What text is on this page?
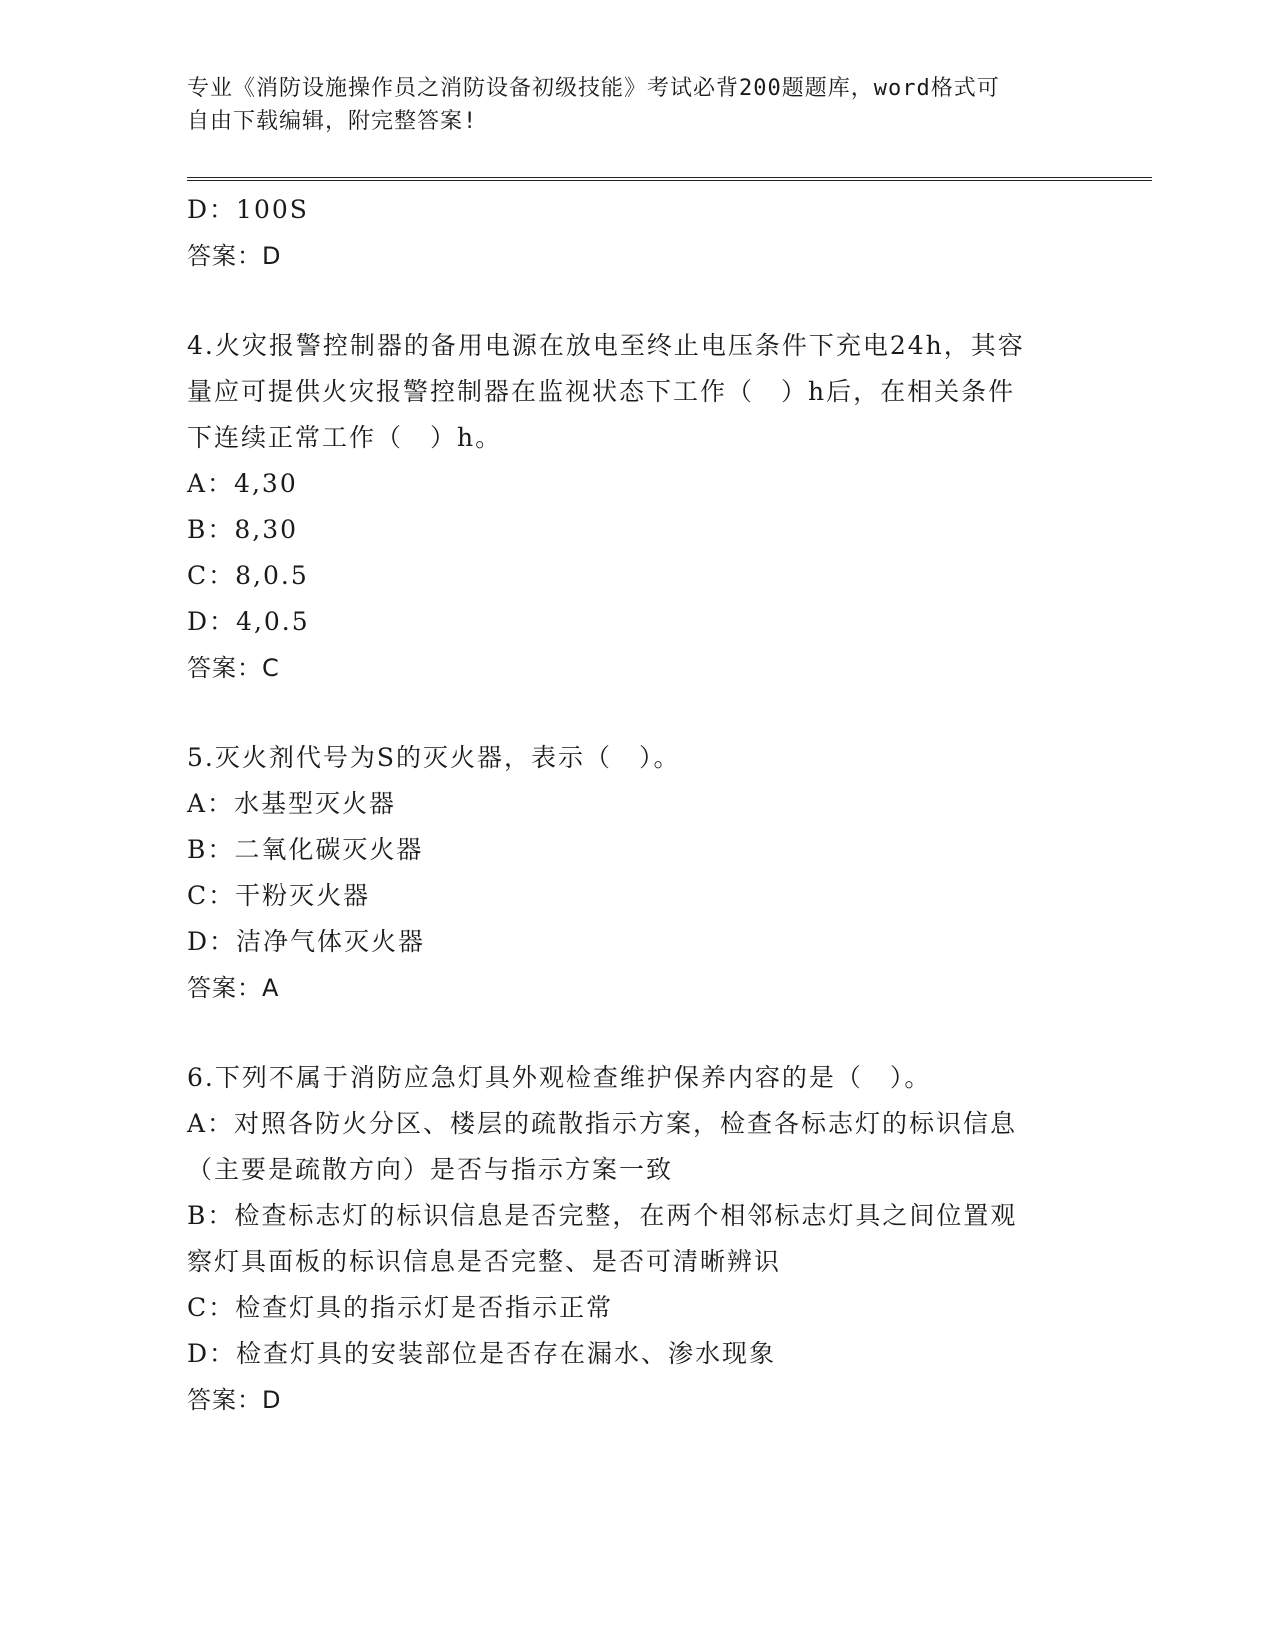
专业《消防设施操作员之消防设备初级技能》考试必背200题题库，word格式可
自由下载编辑，附完整答案!
D：100S
答案：D
4.火灾报警控制器的备用电源在放电至终止电压条件下充电24h，其容
量应可提供火灾报警控制器在监视状态下工作（　）h后，在相关条件
下连续正常工作（　）h。
A：4,30
B：8,30
C：8,0.5
D：4,0.5
答案：C
5.灭火剂代号为S的灭火器，表示（　）。
A：水基型灭火器
B：二氧化碳灭火器
C：干粉灭火器
D：洁净气体灭火器
答案：A
6.下列不属于消防应急灯具外观检查维护保养内容的是（　）。
A：对照各防火分区、楼层的疏散指示方案，检查各标志灯的标识信息
（主要是疏散方向）是否与指示方案一致
B：检查标志灯的标识信息是否完整，在两个相邻标志灯具之间位置观
察灯具面板的标识信息是否完整、是否可清晰辨识
C：检查灯具的指示灯是否指示正常
D：检查灯具的安装部位是否存在漏水、渗水现象
答案：D
